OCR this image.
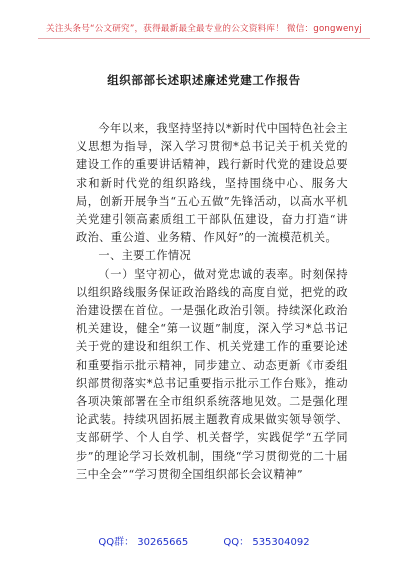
关注头条号“公文研究”，获得最新最全最专业的公文资料库！ 微信：gongwenyj
组织部部长述职述廉述党建工作报告

今年以来，我坚持坚持以*新时代中国特色社会主义思想为指导，深入学习贯彻*总书记关于机关党的建设工作的重要讲话精神，践行新时代党的建设总要求和新时代党的组织路线，坚持围绕中心、服务大局，创新开展争当“五心五做”先锋活动，以高水平机关党建引领高素质组工干部队伍建设，奋力打造“讲政治、重公道、业务精、作风好”的一流模范机关。

一、主要工作情况

（一）坚守初心，做对党忠诚的表率。时刻保持以组织路线服务保证政治路线的高度自觉，把党的政治建设摆在首位。一是强化政治引领。持续深化政治机关建设，健全“第一议题”制度，深入学习*总书记关于党的建设和组织工作、机关党建工作的重要论述和重要指示批示精神，同步建立、动态更新《市委组织部贯彻落实*总书记重要指示批示工作台账》，推动各项决策部署在全市组织系统落地见效。二是强化理论武装。持续巩固拓展主题教育成果做实领导领学、支部研学、个人自学、机关督学，实践促学“五学同步”的理论学习长效机制，围绕“学习贯彻党的二十届三中全会”“学习贯彻全国组织部长会议精神”

QQ群： 30265665	QQ： 535304092
